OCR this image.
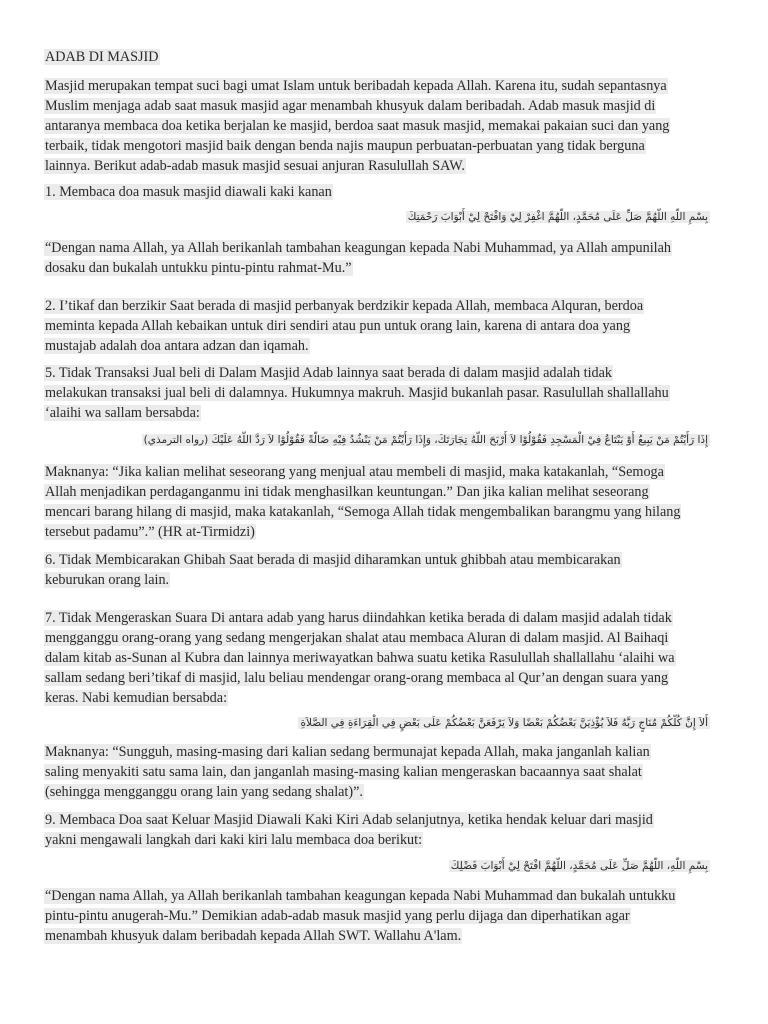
ADAB DI MASJID
Masjid merupakan tempat suci bagi umat Islam untuk beribadah kepada Allah. Karena itu, sudah sepantasnya
Muslim menjaga adab saat masuk masjid agar menambah khusyuk dalam beribadah. Adab masuk masjid di
antaranya membaca doa ketika berjalan ke masjid, berdoa saat masuk masjid, memakai pakaian suci dan yang
terbaik, tidak mengotori masjid baik dengan benda najis maupun perbuatan-perbuatan yang tidak berguna
lainnya. Berikut adab-adab masuk masjid sesuai anjuran Rasulullah SAW.
1. Membaca doa masuk masjid diawali kaki kanan
بِسْمِ اللَّهِ اللَّهُمَّ صَلِّ عَلَى مُحَمَّدٍ، اللَّهُمَّ اغْفِرْ لِيْ وَافْتَحْ لِيْ أَبْوَابَ رَحْمَتِكَ
“Dengan nama Allah, ya Allah berikanlah tambahan keagungan kepada Nabi Muhammad, ya Allah ampunilah
dosaku dan bukalah untukku pintu-pintu rahmat-Mu.”
2. I’tikaf dan berzikir Saat berada di masjid perbanyak berdzikir kepada Allah, membaca Alquran, berdoa
meminta kepada Allah kebaikan untuk diri sendiri atau pun untuk orang lain, karena di antara doa yang
mustajab adalah doa antara adzan dan iqamah.
5. Tidak Transaksi Jual beli di Dalam Masjid Adab lainnya saat berada di dalam masjid adalah tidak
melakukan transaksi jual beli di dalamnya. Hukumnya makruh. Masjid bukanlah pasar. Rasulullah shallallahu
‘alaihi wa sallam bersabda:
إِذَا رَأَيْتُمْ مَنْ يَبِيعُ أَوْ يَبْتَاعُ فِيْ الْمَسْجِدِ فَقُوْلُوْا لاَ أَرْبَحَ اللَّهُ تِجَارَتَكَ، وَإِذَا رَأَيْتُمْ مَنْ يَنْشُدُ فِيْهِ ضَالَّةً فَقُوْلُوْا لاَ رَدَّ اللَّهُ عَلَيْكَ (رواه الترمذي)
Maknanya: “Jika kalian melihat seseorang yang menjual atau membeli di masjid, maka katakanlah, “Semoga
Allah menjadikan perdaganganmu ini tidak menghasilkan keuntungan.” Dan jika kalian melihat seseorang
mencari barang hilang di masjid, maka katakanlah, “Semoga Allah tidak mengembalikan barangmu yang hilang
tersebut padamu”.” (HR at-Tirmidzi)
6. Tidak Membicarakan Ghibah Saat berada di masjid diharamkan untuk ghibbah atau membicarakan
keburukan orang lain.
7. Tidak Mengeraskan Suara Di antara adab yang harus diindahkan ketika berada di dalam masjid adalah tidak
mengganggu orang-orang yang sedang mengerjakan shalat atau membaca Aluran di dalam masjid. Al Baihaqi
dalam kitab as-Sunan al Kubra dan lainnya meriwayatkan bahwa suatu ketika Rasulullah shallallahu ‘alaihi wa
sallam sedang beri’tikaf di masjid, lalu beliau mendengar orang-orang membaca al Qur’an dengan suara yang
keras. Nabi kemudian bersabda:
أَلاَ إِنَّ كُلَّكُمْ مُنَاجٍ رَبَّهُ فَلاَ يُؤْذِيَنَّ بَعْضُكُمْ بَعْضًا وَلاَ يَرْفَعَنَّ بَعْضُكُمْ عَلَى بَعْضٍ فِي الْقِرَاءَةِ فِي الصَّلاَةِ
Maknanya: “Sungguh, masing-masing dari kalian sedang bermunajat kepada Allah, maka janganlah kalian
saling menyakiti satu sama lain, dan janganlah masing-masing kalian mengeraskan bacaannya saat shalat
(sehingga mengganggu orang lain yang sedang shalat)”.
9. Membaca Doa saat Keluar Masjid Diawali Kaki Kiri Adab selanjutnya, ketika hendak keluar dari masjid
yakni mengawali langkah dari kaki kiri lalu membaca doa berikut:
بِسْمِ اللَّهِ، اللَّهُمَّ صَلِّ عَلَى مُحَمَّدٍ، اللَّهُمَّ افْتَحْ لِيْ أَبْوَابَ فَضْلِكَ
“Dengan nama Allah, ya Allah berikanlah tambahan keagungan kepada Nabi Muhammad dan bukalah untukku
pintu-pintu anugerah-Mu.” Demikian adab-adab masuk masjid yang perlu dijaga dan diperhatikan agar
menambah khusyuk dalam beribadah kepada Allah SWT. Wallahu A'lam.
